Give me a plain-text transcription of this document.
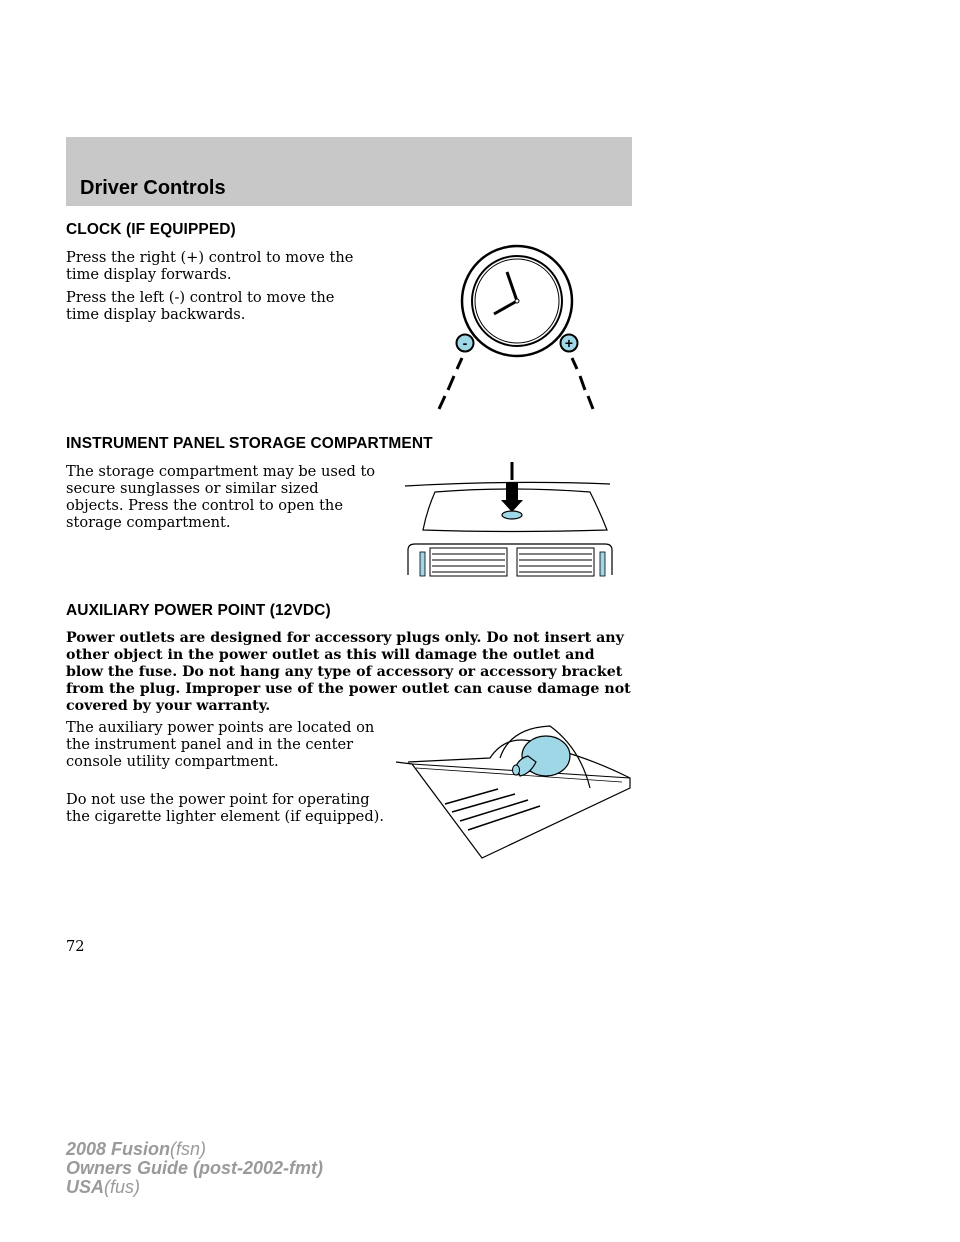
Driver Controls
CLOCK (IF EQUIPPED)
Press the right (+) control to move the time display forwards.
Press the left (-) control to move the time display backwards.
-	+
INSTRUMENT PANEL STORAGE COMPARTMENT
The storage compartment may be used to secure sunglasses or similar sized objects. Press the control to open the storage compartment.
AUXILIARY POWER POINT (12VDC)
Power outlets are designed for accessory plugs only. Do not insert any other object in the power outlet as this will damage the outlet and blow the fuse. Do not hang any type of accessory or accessory bracket from the plug. Improper use of the power outlet can cause damage not covered by your warranty.
The auxiliary power points are located on the instrument panel and in the center console utility compartment.
Do not use the power point for operating the cigarette lighter element (if equipped).
72
2008 Fusion(fsn)
Owners Guide (post-2002-fmt)
USA(fus)
